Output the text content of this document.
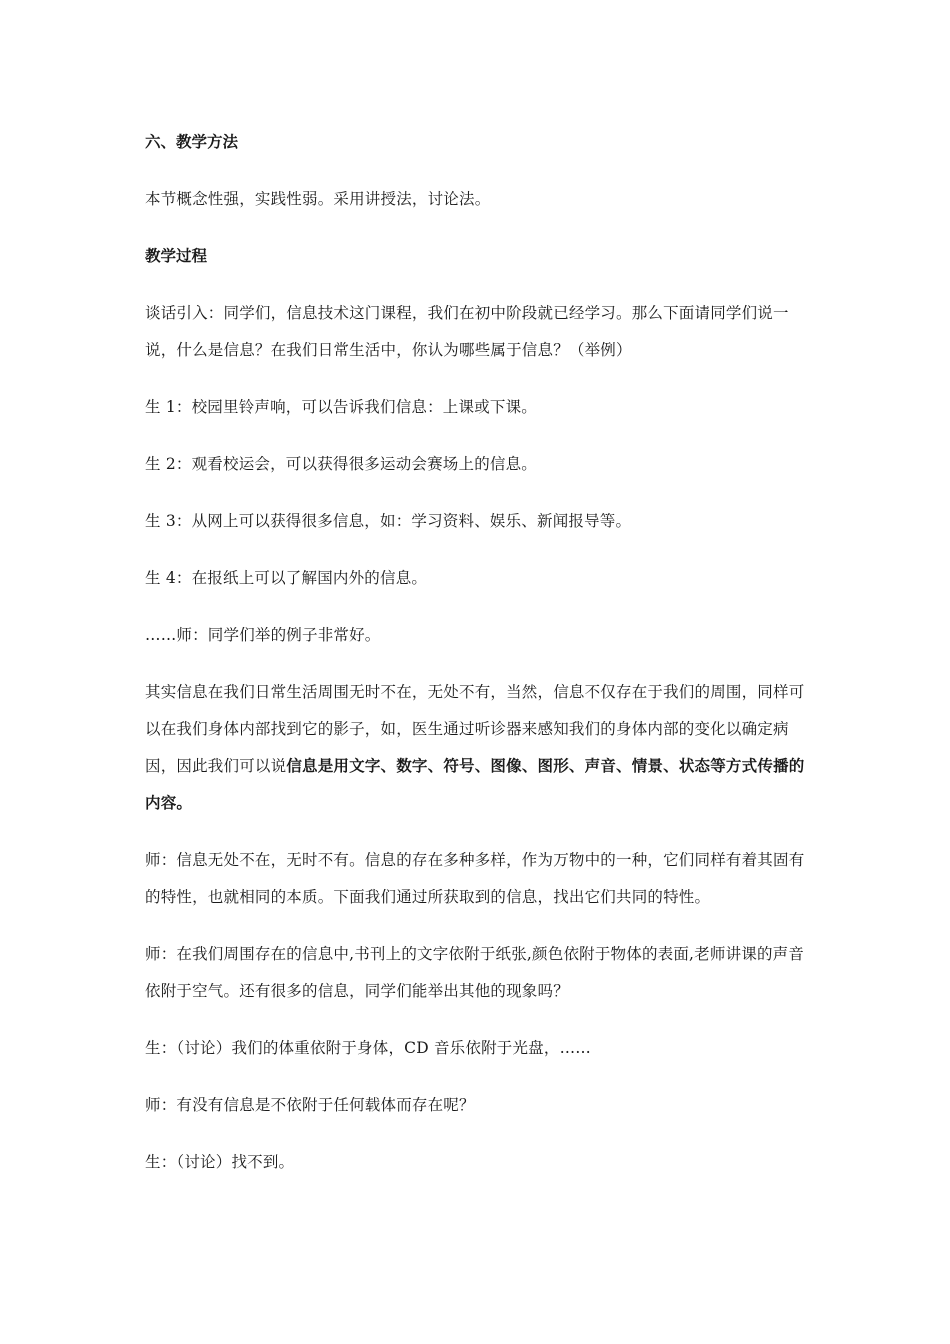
六、教学方法

本节概念性强，实践性弱。采用讲授法，讨论法。

教学过程

谈话引入：同学们，信息技术这门课程，我们在初中阶段就已经学习。那么下面请同学们说一说，什么是信息？在我们日常生活中，你认为哪些属于信息？（举例）

生 1：校园里铃声响，可以告诉我们信息：上课或下课。

生 2：观看校运会，可以获得很多运动会赛场上的信息。

生 3：从网上可以获得很多信息，如：学习资料、娱乐、新闻报导等。

生 4：在报纸上可以了解国内外的信息。

……师：同学们举的例子非常好。

其实信息在我们日常生活周围无时不在，无处不有，当然，信息不仅存在于我们的周围，同样可以在我们身体内部找到它的影子，如，医生通过听诊器来感知我们的身体内部的变化以确定病因，因此我们可以说信息是用文字、数字、符号、图像、图形、声音、情景、状态等方式传播的内容。

师：信息无处不在，无时不有。信息的存在多种多样，作为万物中的一种，它们同样有着其固有的特性，也就相同的本质。下面我们通过所获取到的信息，找出它们共同的特性。

师：在我们周围存在的信息中,书刊上的文字依附于纸张,颜色依附于物体的表面,老师讲课的声音依附于空气。还有很多的信息，同学们能举出其他的现象吗？

生：（讨论）我们的体重依附于身体，CD 音乐依附于光盘，……

师：有没有信息是不依附于任何载体而存在呢？

生：（讨论）找不到。
